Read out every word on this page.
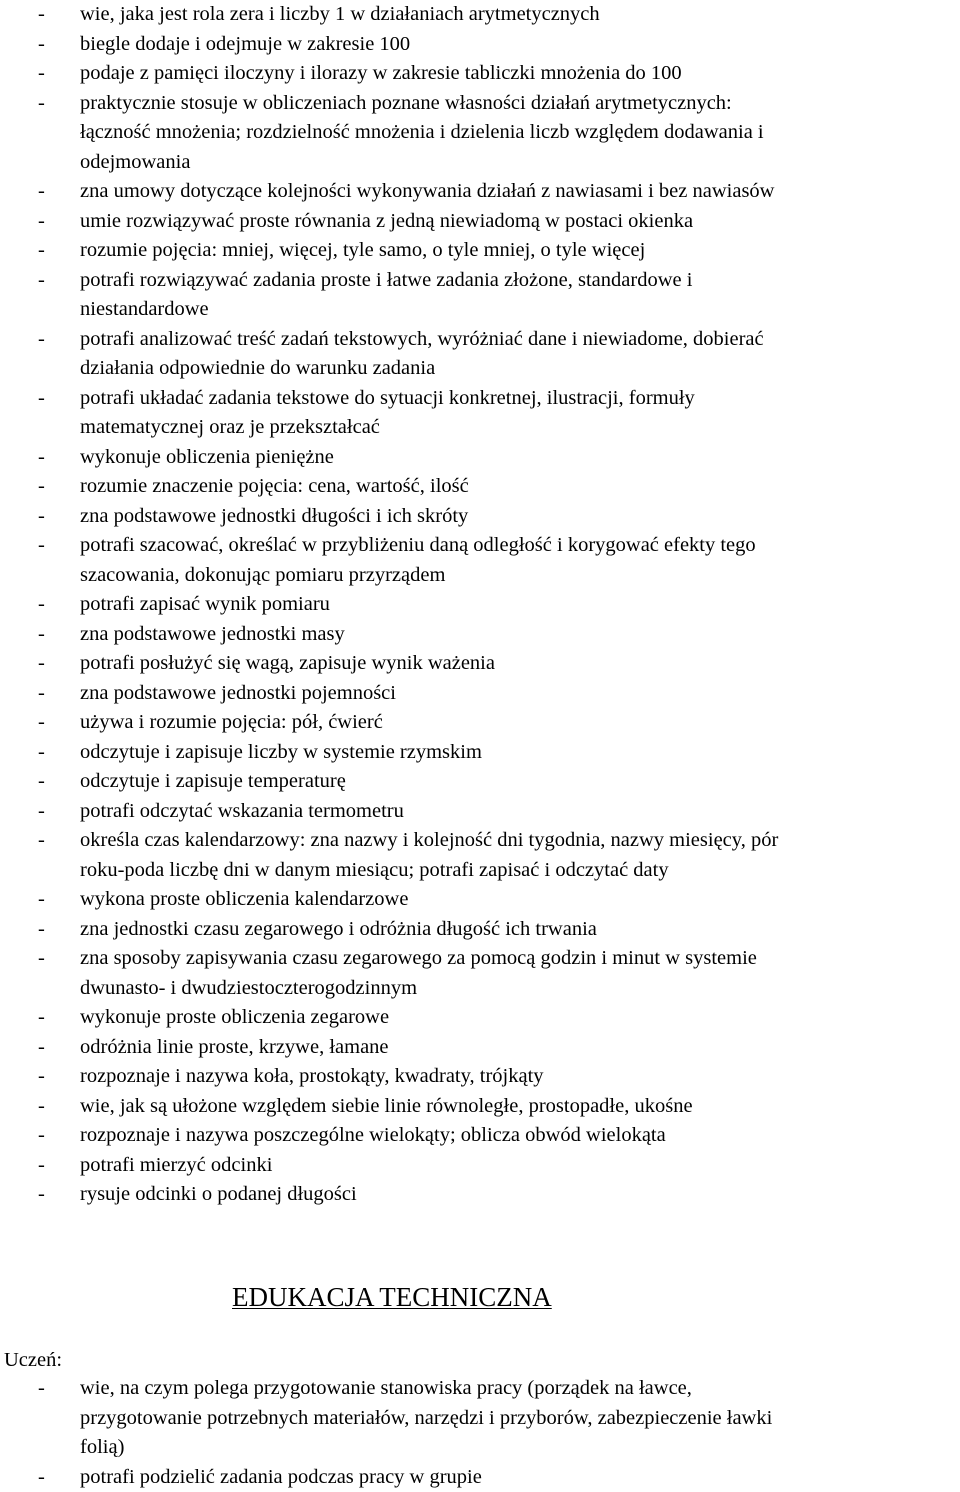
- wie, jaka jest rola zera i liczby 1 w działaniach arytmetycznych
- biegle dodaje i odejmuje w zakresie 100
- podaje z pamięci iloczyny i ilorazy w zakresie tabliczki mnożenia do 100
- praktycznie stosuje w obliczeniach poznane własności działań arytmetycznych:
łączność mnożenia; rozdzielność mnożenia i dzielenia liczb względem dodawania i
odejmowania
- zna umowy dotyczące kolejności wykonywania działań z nawiasami i bez nawiasów
- umie rozwiązywać proste równania z jedną niewiadomą w postaci okienka
- rozumie pojęcia: mniej, więcej, tyle samo, o tyle mniej, o tyle więcej
- potrafi rozwiązywać zadania proste i łatwe zadania złożone, standardowe i
niestandardowe
- potrafi analizować treść zadań tekstowych, wyróżniać dane i niewiadome, dobierać
działania odpowiednie do warunku zadania
- potrafi układać zadania tekstowe do sytuacji konkretnej, ilustracji, formuły
matematycznej oraz je przekształcać
- wykonuje obliczenia pieniężne
- rozumie znaczenie pojęcia: cena, wartość, ilość
- zna podstawowe jednostki długości i ich skróty
- potrafi szacować, określać w przybliżeniu daną odległość i korygować efekty tego
szacowania, dokonując pomiaru przyrządem
- potrafi zapisać wynik pomiaru
- zna podstawowe jednostki masy
- potrafi posłużyć się wagą, zapisuje wynik ważenia
- zna podstawowe jednostki pojemności
- używa i rozumie pojęcia: pół, ćwierć
- odczytuje i zapisuje liczby w systemie rzymskim
- odczytuje i zapisuje temperaturę
- potrafi odczytać wskazania termometru
- określa czas kalendarzowy: zna nazwy i kolejność dni tygodnia, nazwy miesięcy, pór
roku-poda liczbę dni w danym miesiącu; potrafi zapisać i odczytać daty
- wykona proste obliczenia kalendarzowe
- zna jednostki czasu zegarowego i odróżnia długość ich trwania
- zna sposoby zapisywania czasu zegarowego za pomocą godzin i minut w systemie
dwunasto- i dwudziestoczterogodzinnym
- wykonuje proste obliczenia zegarowe
- odróżnia linie proste, krzywe, łamane
- rozpoznaje i nazywa koła, prostokąty, kwadraty, trójkąty
- wie, jak są ułożone względem siebie linie równoległe, prostopadłe, ukośne
- rozpoznaje i nazywa poszczególne wielokąty; oblicza obwód wielokąta
- potrafi mierzyć odcinki
- rysuje odcinki o podanej długości
EDUKACJA TECHNICZNA
Uczeń:
- wie, na czym polega przygotowanie stanowiska pracy (porządek na ławce,
przygotowanie potrzebnych materiałów, narzędzi i przyborów, zabezpieczenie ławki
folią)
- potrafi podzielić zadania podczas pracy w grupie
